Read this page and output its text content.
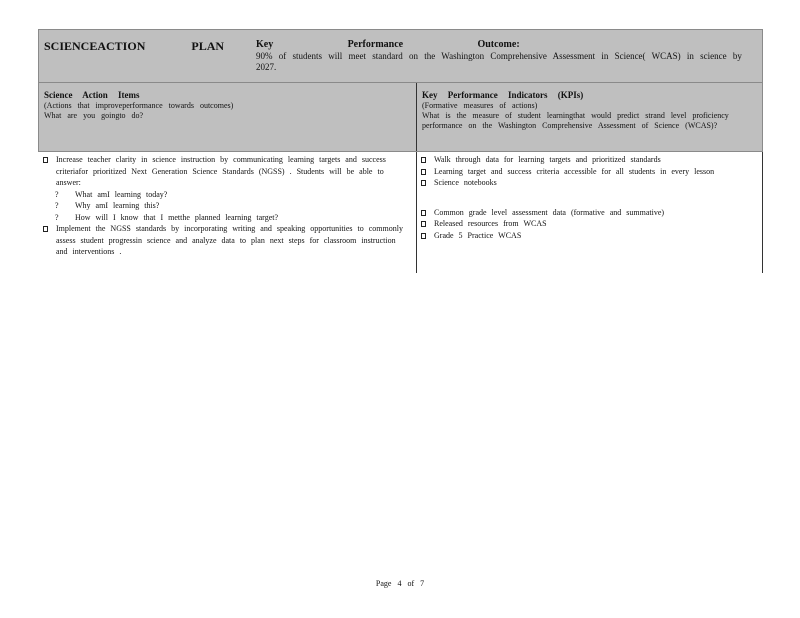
SCIENCEACTION	PLAN	Key	Performance	Outcome:
90% of students will meet standard on the Washington Comprehensive Assessment in Science( WCAS) in science by 2027.
Science Action Items
(Actions that improveperformance towards outcomes)
What are you goingto do?
Key Performance Indicators (KPIs)
(Formative measures of actions)
What is the measure of student learningthat would predict strand level proficiency performance on the Washington Comprehensive Assessment of Science (WCAS)?
Increase teacher clarity in science instruction by communicating learning targets and success criteriafor prioritized Next Generation Science Standards (NGSS) . Students will be able to answer:
?	What amI learning today?
?	Why amI learning this?
?	How will I know that I metthe planned learning target?
Implement the NGSS standards by incorporating writing and speaking opportunities to commonly assess student progressin science and analyze data to plan next steps for classroom instruction and interventions .
Walk through data for learning targets and prioritized standards
Learning target and success criteria accessible for all students in every lesson
Science notebooks
Common grade level assessment data (formative and summative)
Released resources from WCAS
Grade 5 Practice WCAS
Page 4 of 7
